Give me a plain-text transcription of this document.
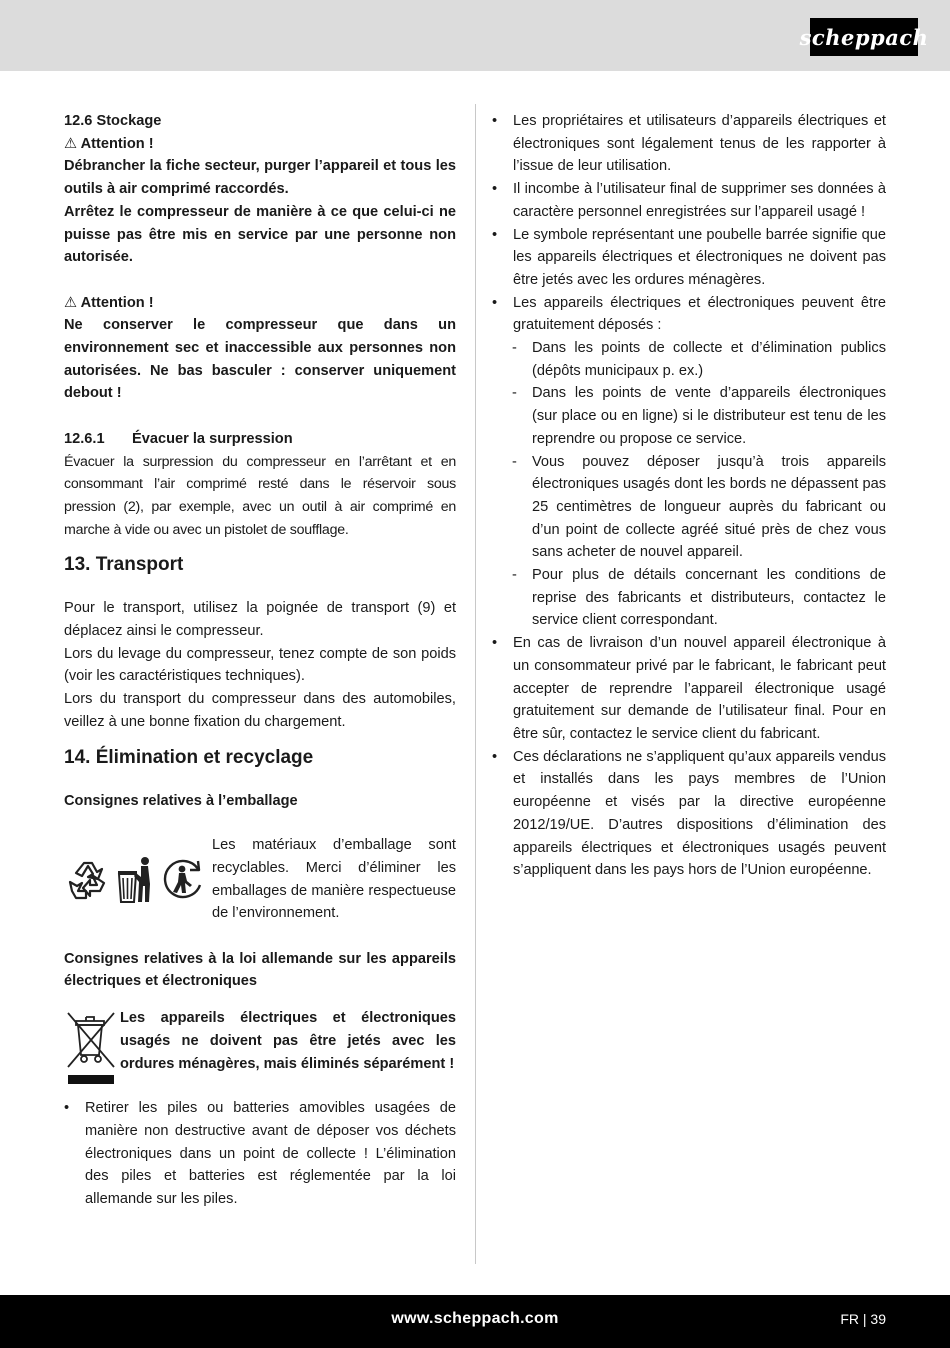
scheppach

12.6 Stockage

⚠ Attention !

Débrancher la fiche secteur, purger l’appareil et tous les outils à air comprimé raccordés.

Arrêtez le compresseur de manière à ce que celui-ci ne puisse pas être mis en service par une personne non autorisée.

⚠ Attention !

Ne conserver le compresseur que dans un environnement sec et inaccessible aux personnes non autorisées. Ne bas basculer : conserver uniquement debout !

12.6.1	Évacuer la surpression

Évacuer la surpression du compresseur en l’arrêtant et en consommant l’air comprimé resté dans le réservoir sous pression (2), par exemple, avec un outil à air comprimé en marche à vide ou avec un pistolet de soufflage.

13. Transport

Pour le transport, utilisez la poignée de transport (9) et déplacez ainsi le compresseur.

Lors du levage du compresseur, tenez compte de son poids (voir les caractéristiques techniques).

Lors du transport du compresseur dans des automobiles, veillez à une bonne fixation du chargement.

14. Élimination et recyclage

Consignes relatives à l’emballage

Les matériaux d’emballage sont recyclables. Merci d’éliminer les emballages de manière respectueuse de l’environnement.

Consignes relatives à la loi allemande sur les appareils électriques et électroniques

Les appareils électriques et électroniques usagés ne doivent pas être jetés avec les ordures ménagères, mais éliminés séparément !

• Retirer les piles ou batteries amovibles usagées de manière non destructive avant de déposer vos déchets électroniques dans un point de collecte ! L’élimination des piles et batteries est réglementée par la loi allemande sur les piles.
• Les propriétaires et utilisateurs d’appareils électriques et électroniques sont légalement tenus de les rapporter à l’issue de leur utilisation.
• Il incombe à l’utilisateur final de supprimer ses données à caractère personnel enregistrées sur l’appareil usagé !
• Le symbole représentant une poubelle barrée signifie que les appareils électriques et électroniques ne doivent pas être jetés avec les ordures ménagères.
• Les appareils électriques et électroniques peuvent être gratuitement déposés :
- Dans les points de collecte et d’élimination publics (dépôts municipaux p. ex.)
- Dans les points de vente d’appareils électroniques (sur place ou en ligne) si le distributeur est tenu de les reprendre ou propose ce service.
- Vous pouvez déposer jusqu’à trois appareils électroniques usagés dont les bords ne dépassent pas 25 centimètres de longueur auprès du fabricant ou d’un point de collecte agréé situé près de chez vous sans acheter de nouvel appareil.
- Pour plus de détails concernant les conditions de reprise des fabricants et distributeurs, contactez le service client correspondant.
• En cas de livraison d’un nouvel appareil électronique à un consommateur privé par le fabricant, le fabricant peut accepter de reprendre l’appareil électronique usagé gratuitement sur demande de l’utilisateur final. Pour en être sûr, contactez le service client du fabricant.
• Ces déclarations ne s’appliquent qu’aux appareils vendus et installés dans les pays membres de l’Union européenne et visés par la directive européenne 2012/19/UE. D’autres dispositions d’élimination des appareils électriques et électroniques usagés peuvent s’appliquent dans les pays hors de l’Union européenne.
www.scheppach.com	FR | 39
